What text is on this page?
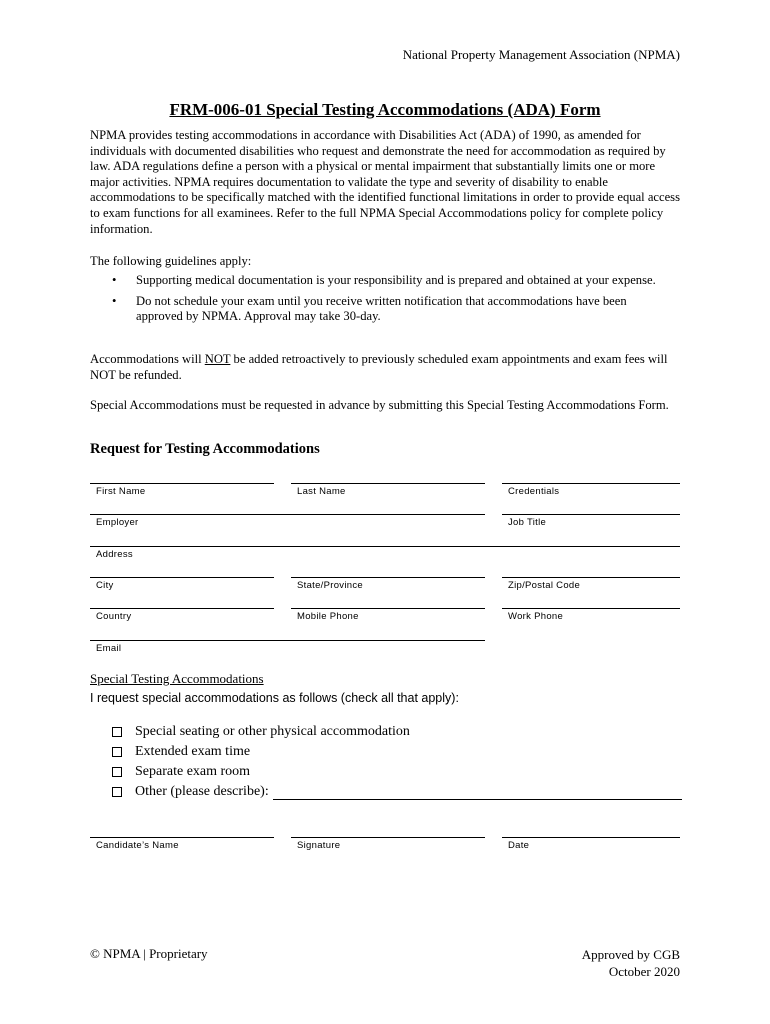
National Property Management Association (NPMA)
FRM-006-01 Special Testing Accommodations (ADA) Form

NPMA provides testing accommodations in accordance with Disabilities Act (ADA) of 1990, as amended for individuals with documented disabilities who request and demonstrate the need for accommodation as required by law. ADA regulations define a person with a physical or mental impairment that substantially limits one or more major activities. NPMA requires documentation to validate the type and severity of disability to enable accommodations to be specifically matched with the identified functional limitations in order to provide equal access to exam functions for all examinees. Refer to the full NPMA Special Accommodations policy for complete policy information.

The following guidelines apply:

• Supporting medical documentation is your responsibility and is prepared and obtained at your expense.
• Do not schedule your exam until you receive written notification that accommodations have been approved by NPMA. Approval may take 30-day.

Accommodations will NOT be added retroactively to previously scheduled exam appointments and exam fees will NOT be refunded.

Special Accommodations must be requested in advance by submitting this Special Testing Accommodations Form.

Request for Testing Accommodations
First Name	Last Name	Credentials
Employer	Job Title
Address
City	State/Province	Zip/Postal Code
Country	Mobile Phone	Work Phone
Email

Special Testing Accommodations

I request special accommodations as follows (check all that apply):

Special seating or other physical accommodation
Extended exam time
Separate exam room
Other (please describe):
Candidate’s Name	Signature	Date
© NPMA | Proprietary	Approved by CGB
October 2020
